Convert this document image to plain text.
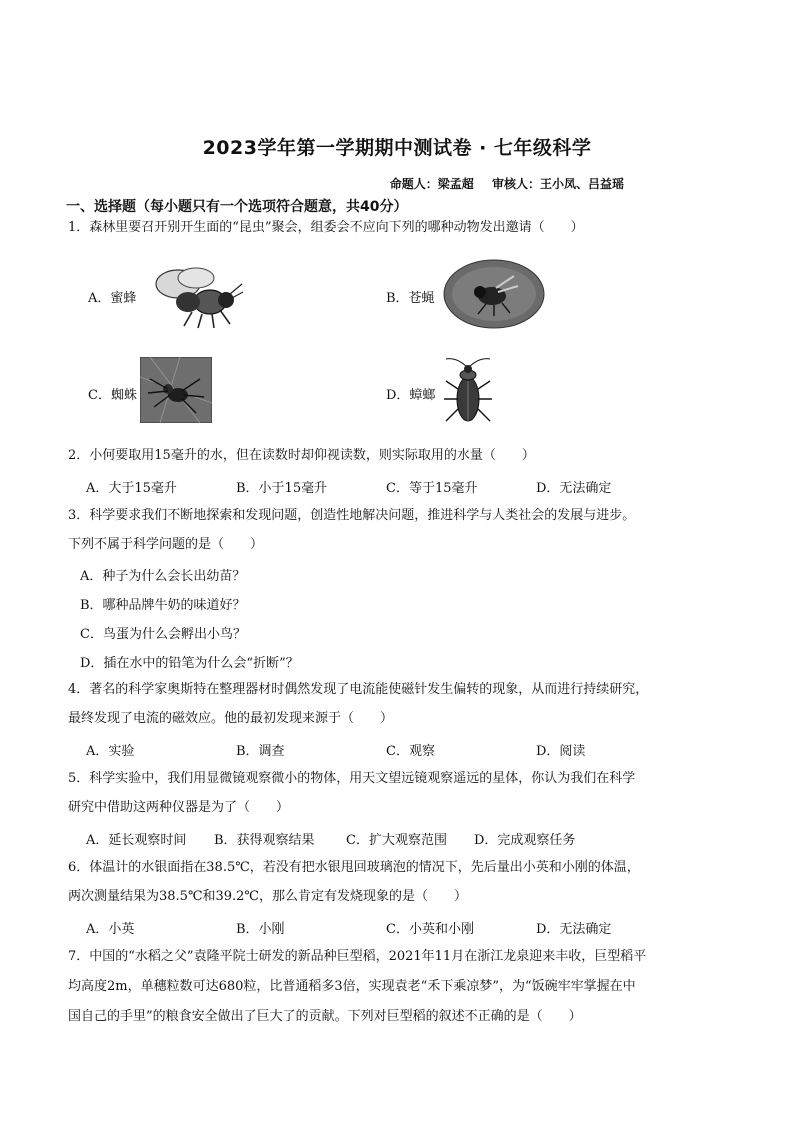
2023学年第一学期期中测试卷 · 七年级科学
命题人：梁孟超 审核人：王小凤、吕益瑶
一、选择题（每小题只有一个选项符合题意，共40分）
1．森林里要召开别开生面的“昆虫”聚会，组委会不应向下列的哪种动物发出邀请（　　）
A．蜜蜂	B．苍蝇
C．蜘蛛	D．蟑螂
2．小何要取用15毫升的水，但在读数时却仰视读数，则实际取用的水量（　　）
A．大于15毫升	B．小于15毫升	C．等于15毫升	D．无法确定
3．科学要求我们不断地探索和发现问题，创造性地解决问题，推进科学与人类社会的发展与进步。
下列不属于科学问题的是（　　）
A．种子为什么会长出幼苗？
B．哪种品牌牛奶的味道好？
C．鸟蛋为什么会孵出小鸟？
D．插在水中的铅笔为什么会“折断”？
4．著名的科学家奥斯特在整理器材时偶然发现了电流能使磁针发生偏转的现象，从而进行持续研究，
最终发现了电流的磁效应。他的最初发现来源于（　　）
A．实验	B．调查	C．观察	D．阅读
5．科学实验中，我们用显微镜观察微小的物体，用天文望远镜观察遥远的星体，你认为我们在科学
研究中借助这两种仪器是为了（　　）
A．延长观察时间 B．获得观察结果 C．扩大观察范围 D．完成观察任务
6．体温计的水银面指在38.5℃，若没有把水银甩回玻璃泡的情况下，先后量出小英和小刚的体温，
两次测量结果为38.5℃和39.2℃，那么肯定有发烧现象的是（　　）
A．小英	B．小刚	C．小英和小刚	D．无法确定
7．中国的“水稻之父”袁隆平院士研发的新品种巨型稻，2021年11月在浙江龙泉迎来丰收，巨型稻平
均高度2m，单穗粒数可达680粒，比普通稻多3倍，实现袁老“禾下乘凉梦”，为“饭碗牢牢掌握在中
国自己的手里”的粮食安全做出了巨大了的贡献。下列对巨型稻的叙述不正确的是（　　）
